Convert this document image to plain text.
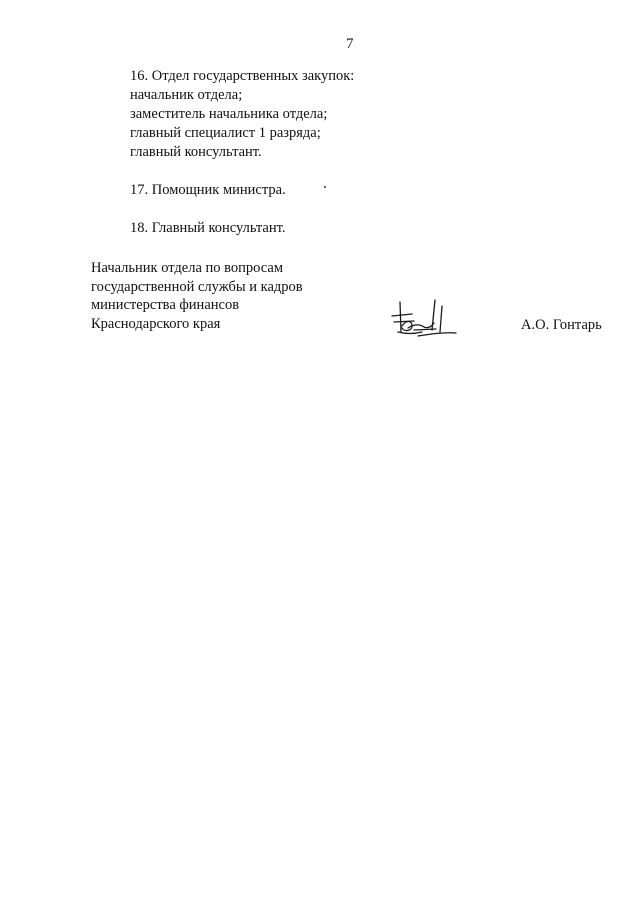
7

16. Отдел государственных закупок:

начальник отдела;

заместитель начальника отдела;

главный специалист 1 разряда;

главный консультант.

17. Помощник министра.

18. Главный консультант.

Начальник отдела по вопросам
государственной службы и кадров
министерства финансов
Краснодарского края	А.О. Гонтарь
